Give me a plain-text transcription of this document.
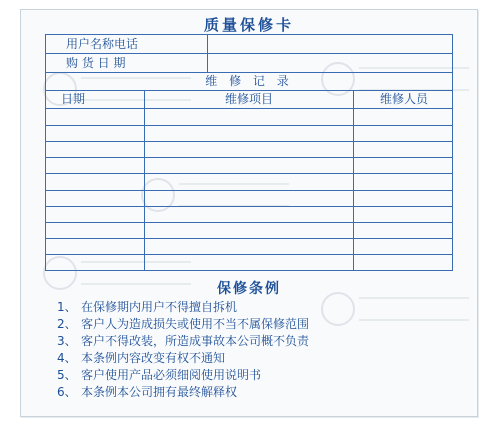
质量保修卡
用户名称电话
购 货 日 期
维 修 记 录
日期	维修项目	维修人员
保修条例
1、 在保修期内用户不得擅自拆机
2、 客户人为造成损失或使用不当不属保修范围
3、 客户不得改装，所造成事故本公司概不负责
4、 本条例内容改变有权不通知
5、 客户使用产品必须细阅使用说明书
6、 本条例本公司拥有最终解释权
